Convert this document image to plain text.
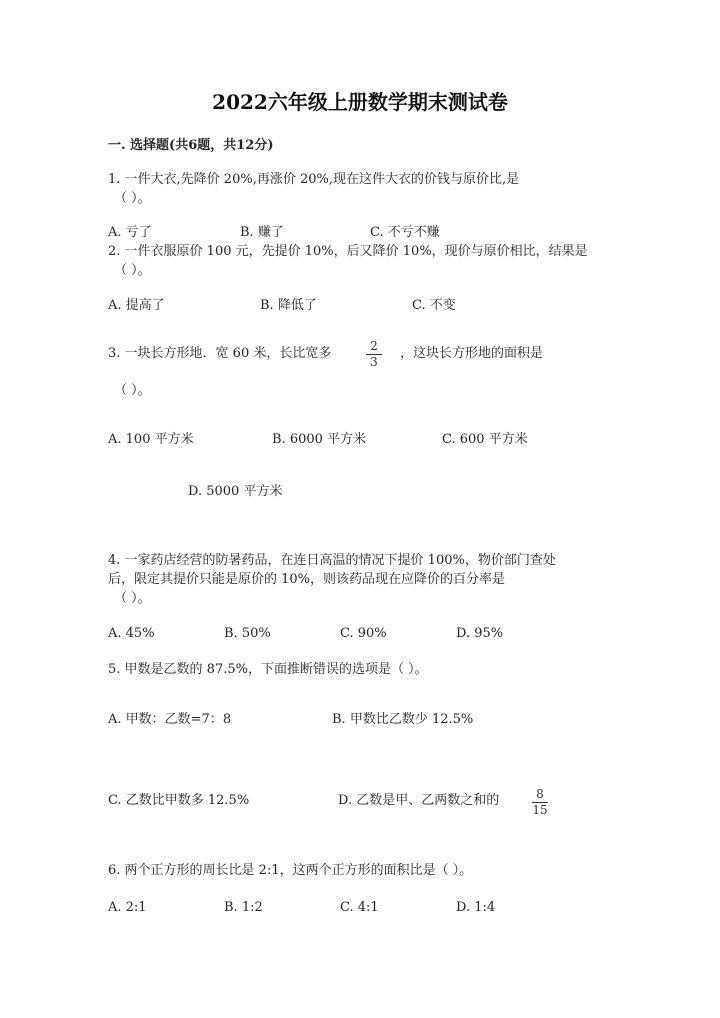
2022六年级上册数学期末测试卷
一. 选择题(共6题，共12分)
1. 一件大衣,先降价 20%,再涨价 20%,现在这件大衣的价钱与原价比,是
（ ）。
A. 亏了	B. 赚了	C. 不亏不赚
2. 一件衣服原价 100 元，先提价 10%，后又降价 10%，现价与原价相比，结果是
（ ）。
A. 提高了	B. 降低了	C. 不变
3. 一块长方形地．宽 60 米，长比宽多	2
3
，这块长方形地的面积是
（ ）。
A. 100 平方米	B. 6000 平方米	C. 600 平方米
D. 5000 平方米
4. 一家药店经营的防暑药品，在连日高温的情况下提价 100%，物价部门查处
后，限定其提价只能是原价的 10%，则该药品现在应降价的百分率是
（ ）。
A. 45%	B. 50%	C. 90%	D. 95%
5. 甲数是乙数的 87.5%，下面推断错误的选项是（ ）。
A. 甲数：乙数=7：8	B. 甲数比乙数少 12.5%
C. 乙数比甲数多 12.5%	D. 乙数是甲、乙两数之和的	8
15
6. 两个正方形的周长比是 2:1，这两个正方形的面积比是（ ）。
A. 2:1	B. 1:2	C. 4:1	D. 1:4
